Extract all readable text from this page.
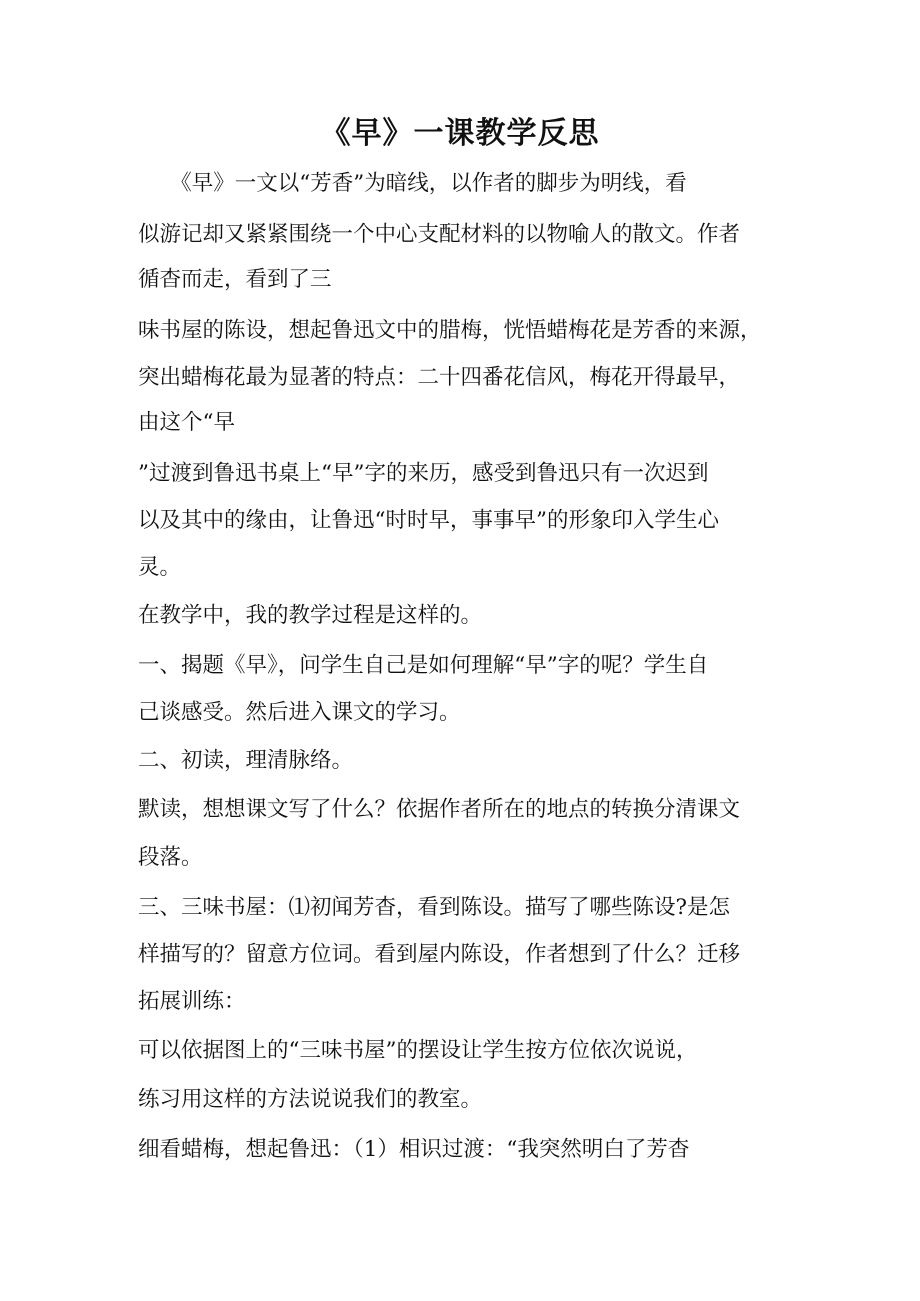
《早》一课教学反思
　　《早》一文以“芳香”为暗线，以作者的脚步为明线，看
似游记却又紧紧围绕一个中心支配材料的以物喻人的散文。作者
循杳而走，看到了三
味书屋的陈设，想起鲁迅文中的腊梅，恍悟蜡梅花是芳香的来源，
突出蜡梅花最为显著的特点：二十四番花信风，梅花开得最早，
由这个“早
”过渡到鲁迅书桌上“早”字的来历，感受到鲁迅只有一次迟到
以及其中的缘由，让鲁迅“时时早，事事早”的形象印入学生心
灵。
在教学中，我的教学过程是这样的。
一、揭题《早》，问学生自己是如何理解“早”字的呢？学生自
己谈感受。然后进入课文的学习。
二、初读，理清脉络。
默读，想想课文写了什么？依据作者所在的地点的转换分清课文
段落。
三、三味书屋：⑴初闻芳杳，看到陈设。描写了哪些陈设?是怎
样描写的？留意方位词。看到屋内陈设，作者想到了什么？迁移
拓展训练：
可以依据图上的“三味书屋”的摆设让学生按方位依次说说，
练习用这样的方法说说我们的教室。
细看蜡梅，想起鲁迅：（1）相识过渡：“我突然明白了芳杳
